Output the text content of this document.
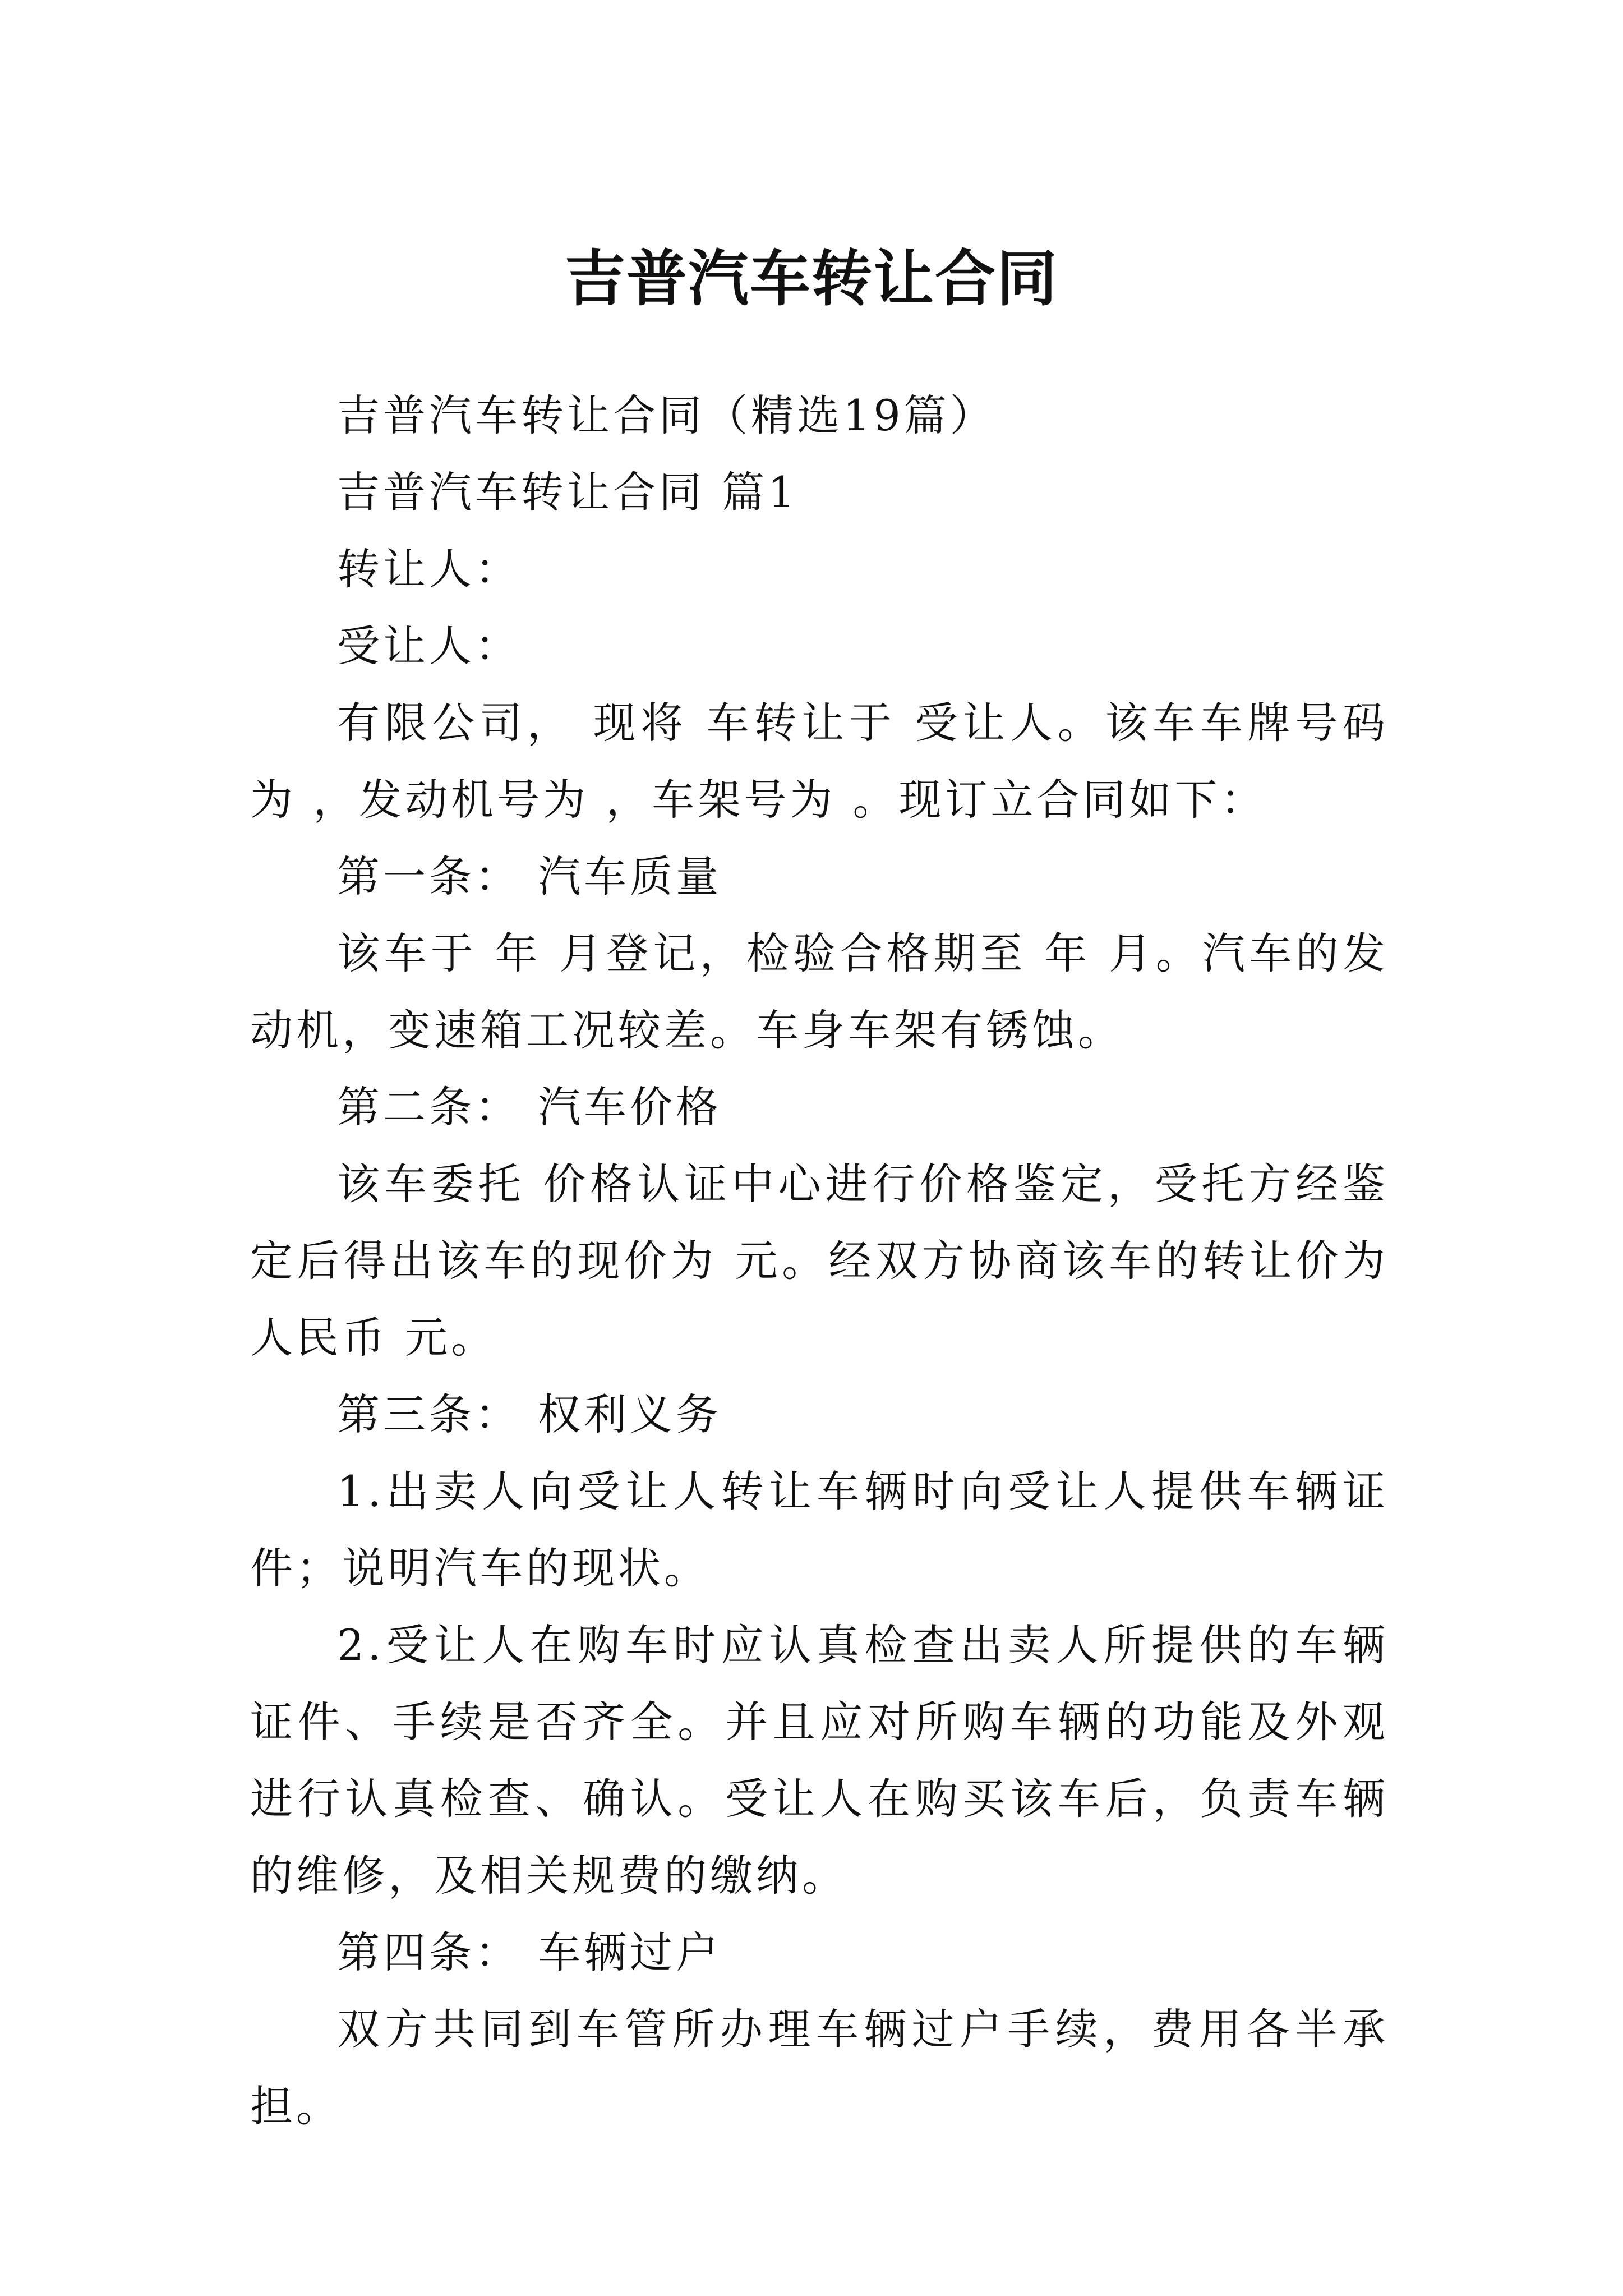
吉普汽车转让合同

吉普汽车转让合同（精选19篇）

吉普汽车转让合同 篇1

转让人：

受让人：

有限公司， 现将 车转让于 受让人。该车车牌号码为 ，发动机号为 ，车架号为 。现订立合同如下：

第一条： 汽车质量

该车于 年 月登记，检验合格期至 年 月。汽车的发动机，变速箱工况较差。车身车架有锈蚀。

第二条： 汽车价格

该车委托 价格认证中心进行价格鉴定，受托方经鉴定后得出该车的现价为 元。经双方协商该车的转让价为人民币 元。

第三条： 权利义务

1.出卖人向受让人转让车辆时向受让人提供车辆证件；说明汽车的现状。

2.受让人在购车时应认真检查出卖人所提供的车辆证件、手续是否齐全。并且应对所购车辆的功能及外观进行认真检查、确认。受让人在购买该车后，负责车辆的维修，及相关规费的缴纳。

第四条： 车辆过户

双方共同到车管所办理车辆过户手续，费用各半承担。
